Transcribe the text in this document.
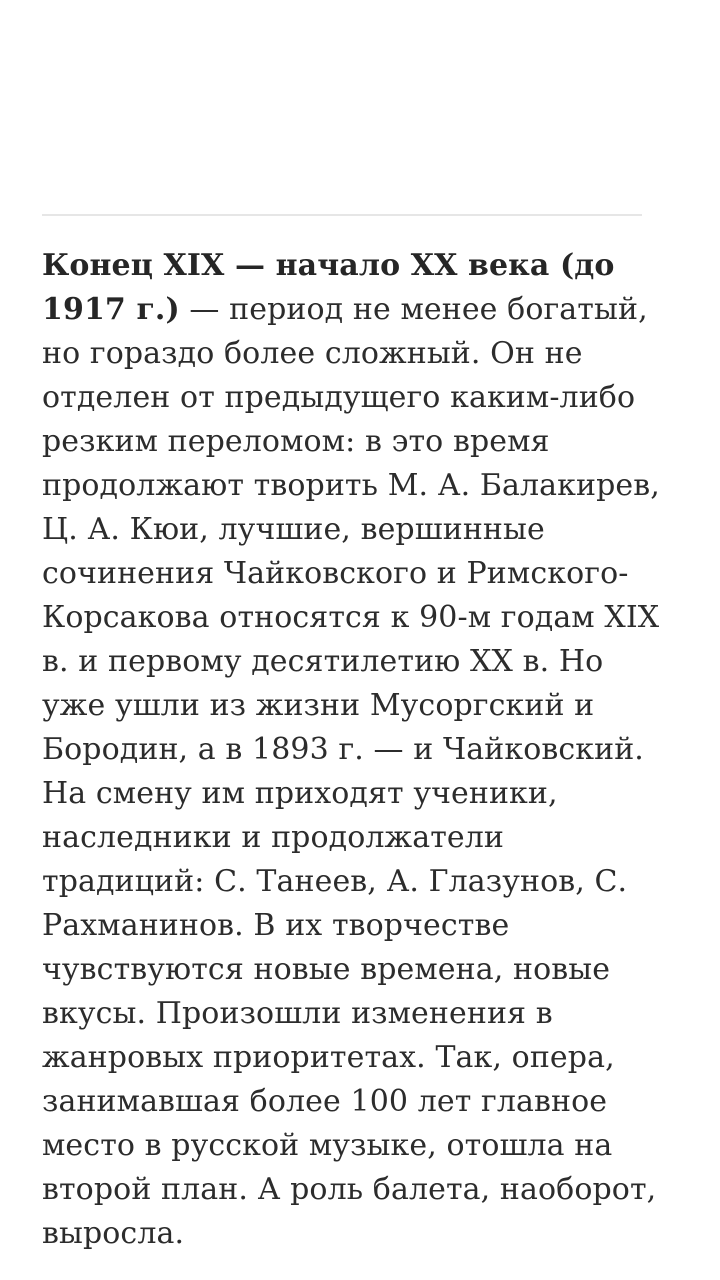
Конец XIX — начало XX века (до 1917 г.) — период не менее богатый, но гораздо более сложный. Он не отделен от предыдущего каким-либо резким переломом: в это время продолжают творить М. А. Балакирев, Ц. А. Кюи, лучшие, вершинные сочинения Чайковского и Римского-Корсакова относятся к 90-м годам XIX в. и первому десятилетию XX в. Но уже ушли из жизни Мусоргский и Бородин, а в 1893 г. — и Чайковский. На смену им приходят ученики, наследники и продолжатели традиций: С. Танеев, А. Глазунов, С. Рахманинов. В их творчестве чувствуются новые времена, новые вкусы. Произошли изменения в жанровых приоритетах. Так, опера, занимавшая более 100 лет главное место в русской музыке, отошла на второй план. А роль балета, наоборот, выросла.
